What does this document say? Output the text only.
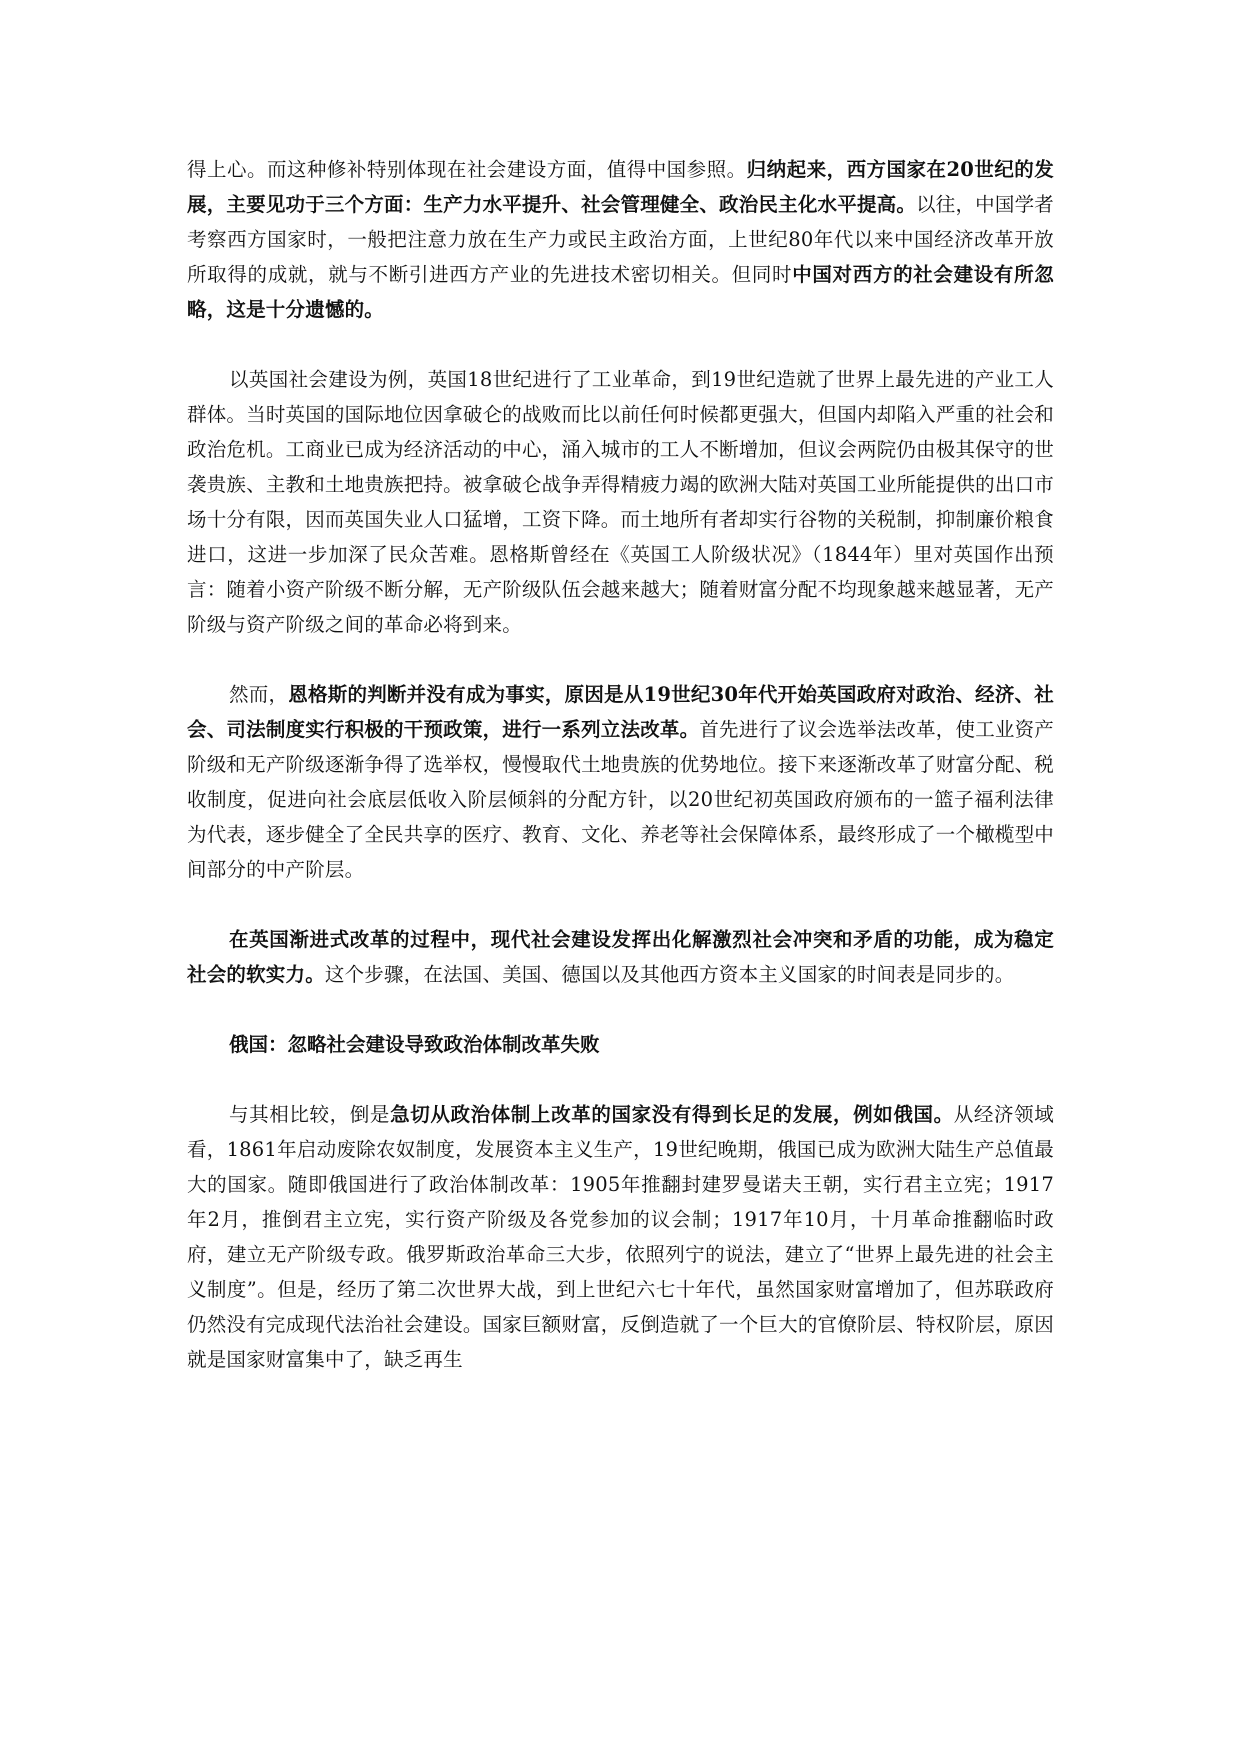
得上心。而这种修补特别体现在社会建设方面，值得中国参照。归纳起来，西方国家在20世纪的发展，主要见功于三个方面：生产力水平提升、社会管理健全、政治民主化水平提高。以往，中国学者考察西方国家时，一般把注意力放在生产力或民主政治方面，上世纪80年代以来中国经济改革开放所取得的成就，就与不断引进西方产业的先进技术密切相关。但同时中国对西方的社会建设有所忽略，这是十分遗憾的。

以英国社会建设为例，英国18世纪进行了工业革命，到19世纪造就了世界上最先进的产业工人群体。当时英国的国际地位因拿破仑的战败而比以前任何时候都更强大，但国内却陷入严重的社会和政治危机。工商业已成为经济活动的中心，涌入城市的工人不断增加，但议会两院仍由极其保守的世袭贵族、主教和土地贵族把持。被拿破仑战争弄得精疲力竭的欧洲大陆对英国工业所能提供的出口市场十分有限，因而英国失业人口猛增，工资下降。而土地所有者却实行谷物的关税制，抑制廉价粮食进口，这进一步加深了民众苦难。恩格斯曾经在《英国工人阶级状况》（1844年）里对英国作出预言：随着小资产阶级不断分解，无产阶级队伍会越来越大；随着财富分配不均现象越来越显著，无产阶级与资产阶级之间的革命必将到来。

然而，恩格斯的判断并没有成为事实，原因是从19世纪30年代开始英国政府对政治、经济、社会、司法制度实行积极的干预政策，进行一系列立法改革。首先进行了议会选举法改革，使工业资产阶级和无产阶级逐渐争得了选举权，慢慢取代土地贵族的优势地位。接下来逐渐改革了财富分配、税收制度，促进向社会底层低收入阶层倾斜的分配方针，以20世纪初英国政府颁布的一篮子福利法律为代表，逐步健全了全民共享的医疗、教育、文化、养老等社会保障体系，最终形成了一个橄榄型中间部分的中产阶层。

在英国渐进式改革的过程中，现代社会建设发挥出化解激烈社会冲突和矛盾的功能，成为稳定社会的软实力。这个步骤，在法国、美国、德国以及其他西方资本主义国家的时间表是同步的。

俄国：忽略社会建设导致政治体制改革失败

与其相比较，倒是急切从政治体制上改革的国家没有得到长足的发展，例如俄国。从经济领域看，1861年启动废除农奴制度，发展资本主义生产，19世纪晚期，俄国已成为欧洲大陆生产总值最大的国家。随即俄国进行了政治体制改革：1905年推翻封建罗曼诺夫王朝，实行君主立宪；1917年2月，推倒君主立宪，实行资产阶级及各党参加的议会制；1917年10月，十月革命推翻临时政府，建立无产阶级专政。俄罗斯政治革命三大步，依照列宁的说法，建立了“世界上最先进的社会主义制度”。但是，经历了第二次世界大战，到上世纪六七十年代，虽然国家财富增加了，但苏联政府仍然没有完成现代法治社会建设。国家巨额财富，反倒造就了一个巨大的官僚阶层、特权阶层，原因就是国家财富集中了，缺乏再生
